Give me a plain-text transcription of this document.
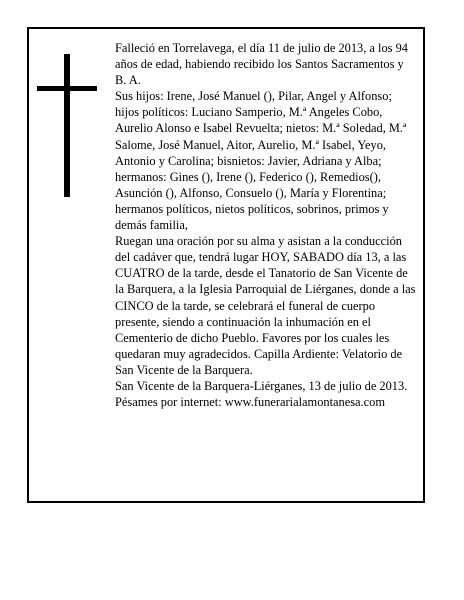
Falleció en Torrelavega, el día 11 de julio de 2013, a los 94 años de edad, habiendo recibido los Santos Sacramentos y B. A.

Sus hijos: Irene, José Manuel (), Pilar, Angel y Alfonso; hijos políticos: Luciano Samperio, M.ª Angeles Cobo, Aurelio Alonso e Isabel Revuelta; nietos: M.ª Soledad, M.ª Salome, José Manuel, Aitor, Aurelio, M.ª Isabel, Yeyo, Antonio y Carolina; bisnietos: Javier, Adriana y Alba; hermanos: Gines (), Irene (), Federico (), Remedios(), Asunción (), Alfonso, Consuelo (), María y Florentina; hermanos políticos, nietos políticos, sobrinos, primos y demás familia,

Ruegan una oración por su alma y asistan a la conducción del cadáver que, tendrá lugar HOY, SABADO día 13, a las CUATRO de la tarde, desde el Tanatorio de San Vicente de la Barquera, a la Iglesia Parroquial de Liérganes, donde a las CINCO de la tarde, se celebrará el funeral de cuerpo presente, siendo a continuación la inhumación en el Cementerio de dicho Pueblo. Favores por los cuales les quedaran muy agradecidos. Capilla Ardiente: Velatorio de San Vicente de la Barquera.

San Vicente de la Barquera-Liérganes, 13 de julio de 2013. Pésames por internet: www.funerarialamontanesa.com
